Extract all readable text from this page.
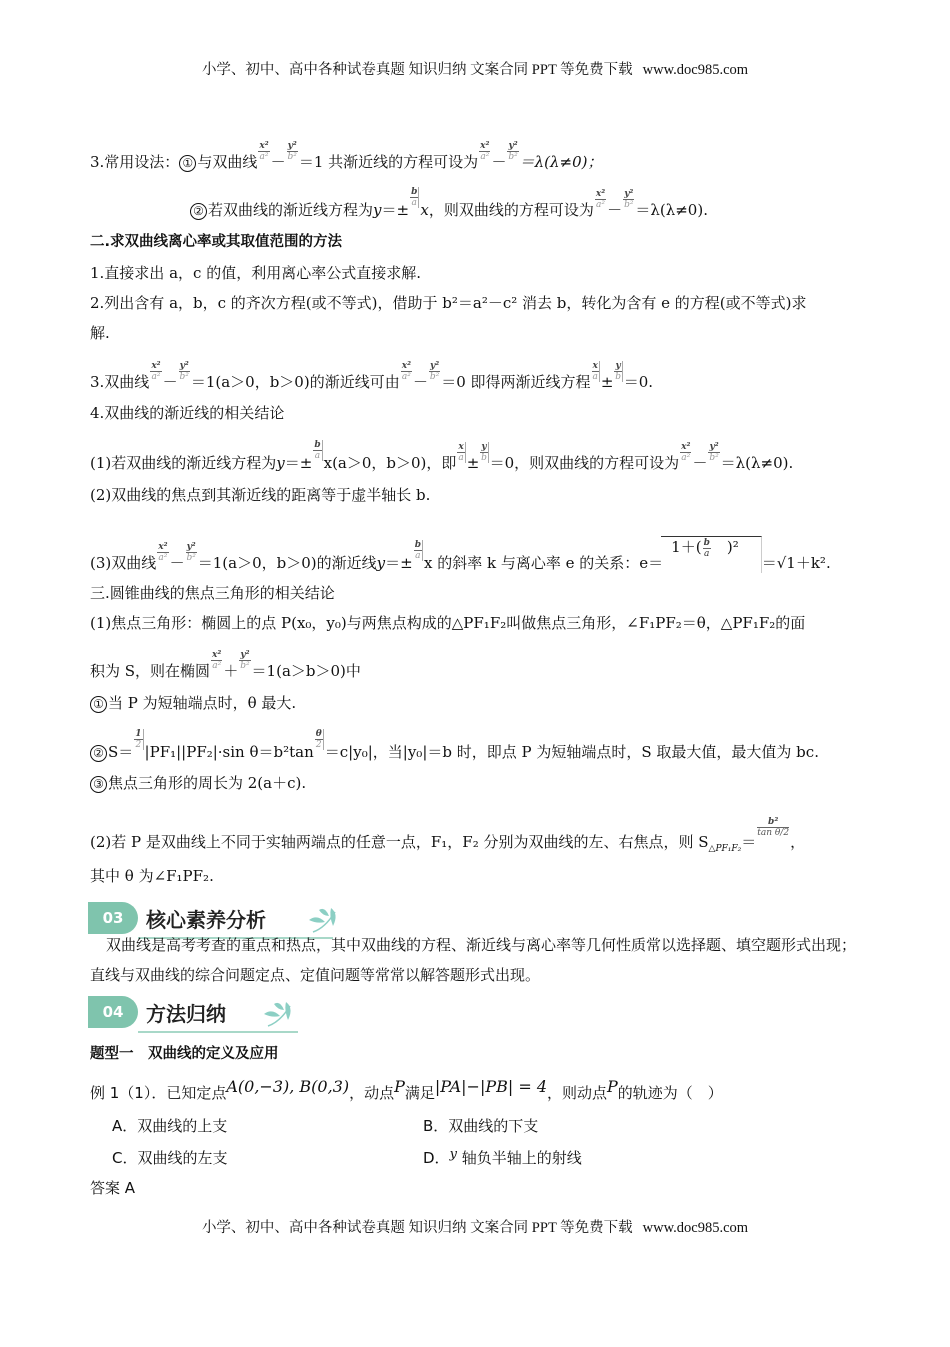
小学、初中、高中各种试卷真题 知识归纳 文案合同 PPT 等免费下载 www.doc985.com
3.常用设法： ① 与双曲线
$\frac{\text{x²}}{\text{a²}}$
－
$\frac{\text{y²}}{\text{b²}}$
＝1 共渐近线的方程可设为
$\frac{\text{x²}}{\text{a²}}$
－
$\frac{\text{y²}}{\text{b²}}$
＝λ(λ≠0)；
② 若双曲线的渐近线方程为y＝±
$\frac{b}{a}$
x，则双曲线的方程可设为
$\frac{\text{x²}}{\text{a²}}$
－
$\frac{\text{y²}}{\text{b²}}$
＝λ(λ≠0).
二.求双曲线离心率或其取值范围的方法
1.直接求出 a，c 的值，利用离心率公式直接求解.
2.列出含有 a，b，c 的齐次方程(或不等式)，借助于 b²＝a²－c² 消去 b，转化为含有 e 的方程(或不等式)求
解.
3.双曲线
$\frac{\text{x²}}{\text{a²}}$
－
$\frac{\text{y²}}{\text{b²}}$
＝1(a＞0，b＞0)的渐近线可由
$\frac{\text{x²}}{\text{a²}}$
－
$\frac{\text{y²}}{\text{b²}}$
＝0 即得两渐近线方程
$\frac{x}{a}$
±
$\frac{y}{b}$
＝0.
4.双曲线的渐近线的相关结论
(1)若双曲线的渐近线方程为y＝±
$\frac{b}{a}$
x(a＞0，b＞0)，即
$\frac{x}{a}$
±
$\frac{y}{b}$
＝0，则双曲线的方程可设为
$\frac{\text{x²}}{\text{a²}}$
－
$\frac{\text{y²}}{\text{b²}}$
＝λ(λ≠0).
(2)双曲线的焦点到其渐近线的距离等于虚半轴长 b.
(3)双曲线
$\frac{\text{x²}}{\text{a²}}$
－
$\frac{\text{y²}}{\text{b²}}$
＝1(a＞0，b＞0)的渐近线y＝±
$\frac{b}{a}$
x 的斜率 k 与离心率 e 的关系：$e=1+( \frac{b}{a}$ 　)²＝√1＋k².
三.圆锥曲线的焦点三角形的相关结论
(1)焦点三角形：椭圆上的点 P(x₀，y₀)与两焦点构成的△PF₁F₂叫做焦点三角形，∠F₁PF₂＝θ，△PF₁F₂的面
积为 S，则在椭圆
$\frac{\text{x²}}{\text{a²}}$
＋
$\frac{\text{y²}}{\text{b²}}$
＝1(a＞b＞0)中
① 当 P 为短轴端点时，θ 最大.
② S＝
$\frac{1}{2}$
|PF₁||PF₂|·sin θ＝b²tan
$\frac{\theta}{2}$
＝c|y₀|，当|y₀|＝b 时，即点 P 为短轴端点时，S 取最大值，最大值为 bc.
③ 焦点三角形的周长为 2(a＋c).
(2)若 P 是双曲线上不同于实轴两端点的任意一点，F₁，F₂ 分别为双曲线的左、右焦点，则 $S_{\triangle PF_1F_2}=$
$\frac{\text{b²}}{\text{tan θ/2}}$
，
其中 θ 为∠F₁PF₂.
03	核心素养分析
双曲线是高考考查的重点和热点，其中双曲线的方程、渐近线与离心率等几何性质常以选择题、填空题形式出现；直线与双曲线的综合问题定点、定值问题等常常以解答题形式出现。
04	方法归纳
题型一　双曲线的定义及应用
例 1（1）．已知定点A(0,−3), B(0,3)，动点P满足|PA|−|PB| = 4，则动点P的轨迹为（　）
A．双曲线的上支	B．双曲线的下支
C．双曲线的左支	D．y 轴负半轴上的射线
答案 A
小学、初中、高中各种试卷真题 知识归纳 文案合同 PPT 等免费下载 www.doc985.com
